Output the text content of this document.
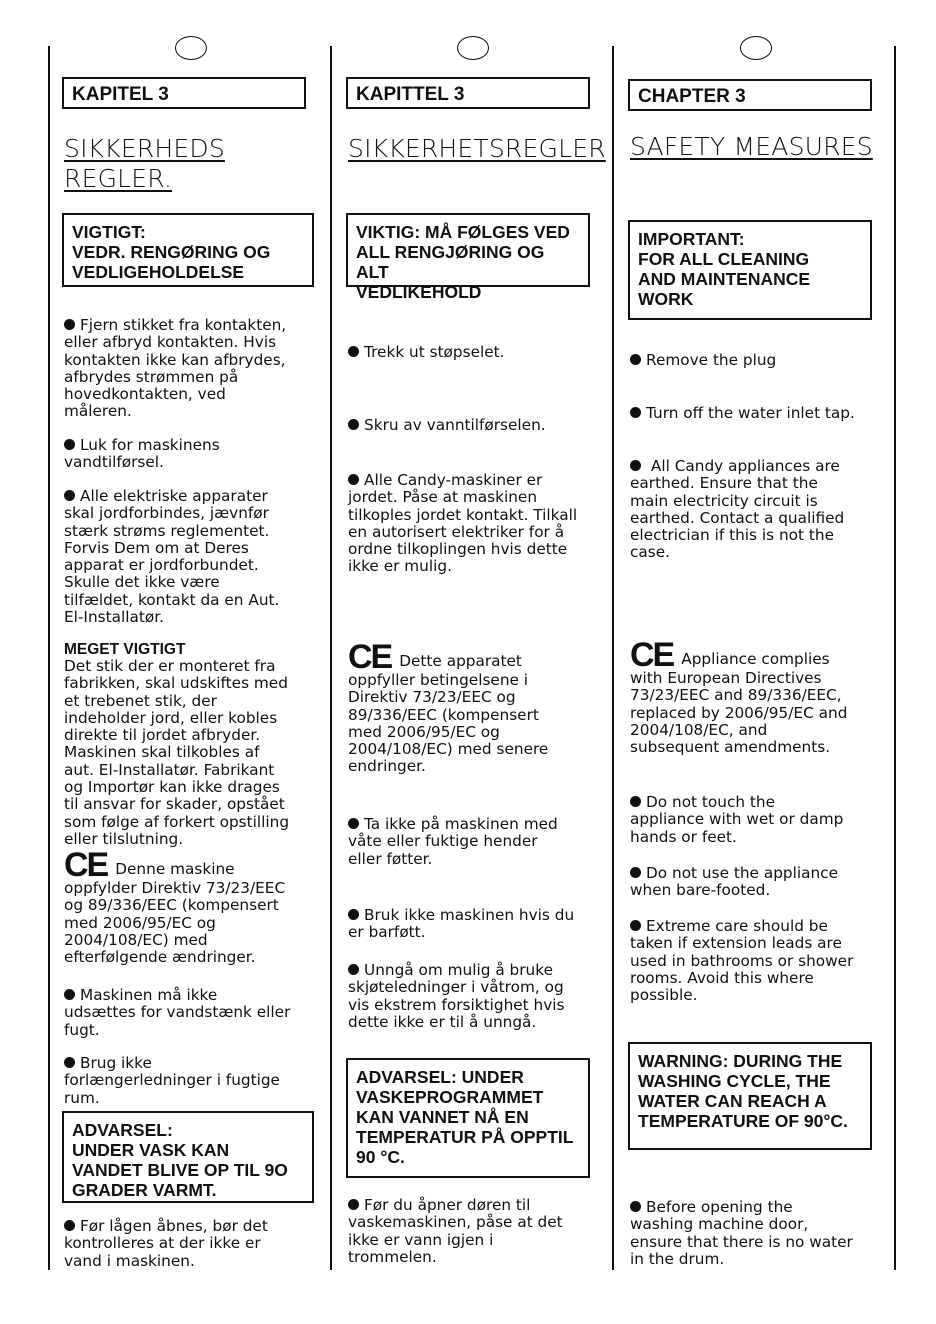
KAPITEL 3
SIKKERHEDS
REGLER.
VIGTIGT:
VEDR. RENGØRING OG
VEDLIGEHOLDELSE
Fjern stikket fra kontakten,
eller afbryd kontakten. Hvis
kontakten ikke kan afbrydes,
afbrydes strømmen på
hovedkontakten, ved
måleren.
Luk for maskinens
vandtilførsel.
Alle elektriske apparater
skal jordforbindes, jævnfør
stærk strøms reglementet.
Forvis Dem om at Deres
apparat er jordforbundet.
Skulle det ikke være
tilfældet, kontakt da en Aut.
El-Installatør.
MEGET VIGTIGT
Det stik der er monteret fra
fabrikken, skal udskiftes med
et trebenet stik, der
indeholder jord, eller kobles
direkte til jordet afbryder.
Maskinen skal tilkobles af
aut. El-Installatør. Fabrikant
og Importør kan ikke drages
til ansvar for skader, opstået
som følge af forkert opstilling
eller tilslutning.
CE Denne maskine
oppfylder Direktiv 73/23/EEC
og 89/336/EEC (kompensert
med 2006/95/EC og
2004/108/EC) med
efterfølgende ændringer.
Maskinen må ikke
udsættes for vandstænk eller
fugt.
Brug ikke
forlængerledninger i fugtige
rum.
ADVARSEL:
UNDER VASK KAN
VANDET BLIVE OP TIL 9O
GRADER VARMT.
Før lågen åbnes, bør det
kontrolleres at der ikke er
vand i maskinen.
KAPITTEL 3
SIKKERHETSREGLER
VIKTIG: MÅ FØLGES VED
ALL RENGJØRING OG ALT
VEDLIKEHOLD
Trekk ut støpselet.
Skru av vanntilførselen.
Alle Candy-maskiner er
jordet. Påse at maskinen
tilkoples jordet kontakt. Tilkall
en autorisert elektriker for å
ordne tilkoplingen hvis dette
ikke er mulig.
CE Dette apparatet
oppfyller betingelsene i
Direktiv 73/23/EEC og
89/336/EEC (kompensert
med 2006/95/EC og
2004/108/EC) med senere
endringer.
Ta ikke på maskinen med
våte eller fuktige hender
eller føtter.
Bruk ikke maskinen hvis du
er barføtt.
Unngå om mulig å bruke
skjøteledninger i våtrom, og
vis ekstrem forsiktighet hvis
dette ikke er til å unngå.
ADVARSEL: UNDER
VASKEPROGRAMMET
KAN VANNET NÅ EN
TEMPERATUR PÅ OPPTIL
90 °C.
Før du åpner døren til
vaskemaskinen, påse at det
ikke er vann igjen i
trommelen.
CHAPTER 3
SAFETY MEASURES
IMPORTANT:
FOR ALL CLEANING
AND MAINTENANCE
WORK
Remove the plug
Turn off the water inlet tap.
All Candy appliances are
earthed. Ensure that the
main electricity circuit is
earthed. Contact a qualified
electrician if this is not the
case.
CE Appliance complies
with European Directives
73/23/EEC and 89/336/EEC,
replaced by 2006/95/EC and
2004/108/EC, and
subsequent amendments.
Do not touch the
appliance with wet or damp
hands or feet.
Do not use the appliance
when bare-footed.
Extreme care should be
taken if extension leads are
used in bathrooms or shower
rooms. Avoid this where
possible.
WARNING: DURING THE
WASHING CYCLE, THE
WATER CAN REACH A
TEMPERATURE OF 90°C.
Before opening the
washing machine door,
ensure that there is no water
in the drum.
